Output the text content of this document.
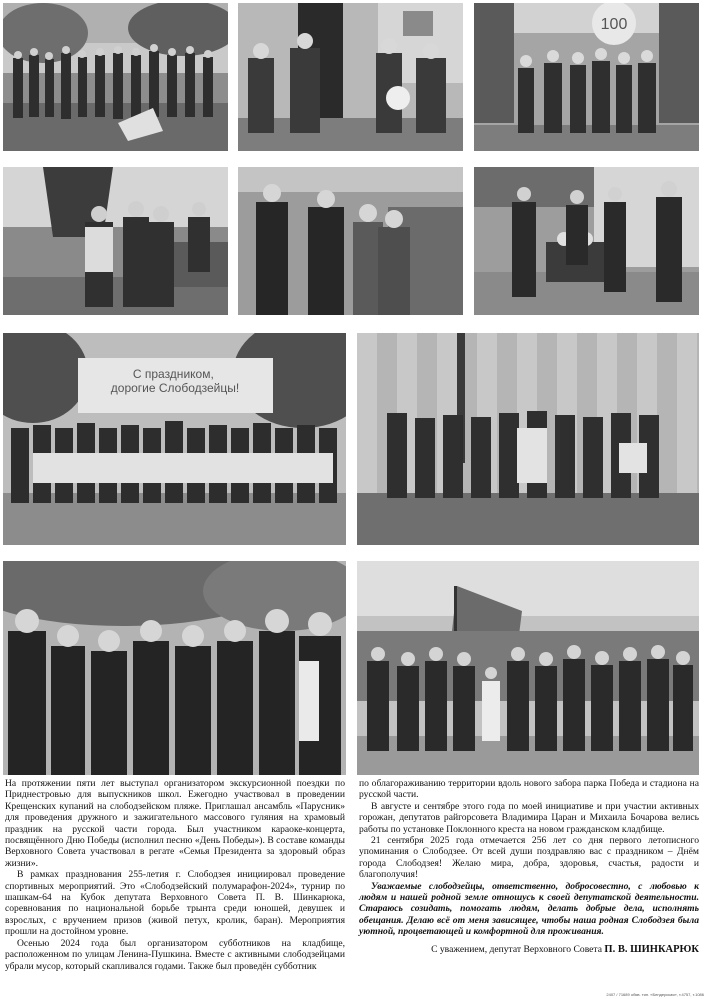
100
С праздником, дорогие Слободзейцы!

На протяжении пяти лет выступал организатором экскурсионной поездки по Приднестровью для выпускников школ. Ежегодно участвовал в проведении Крещенских купаний на слободзейском пляже. Приглашал ансамбль «Парусник» для проведения дружного и зажигательного массового гуляния на храмовый праздник на русской части города. Был участником караоке-концерта, посвящённого Дню Победы (исполнил песню «День Победы»). В составе команды Верховного Совета участвовал в регате «Семья Президента за здоровый образ жизни».

В рамках празднования 255-летия г. Слободзея инициировал проведение спортивных мероприятий. Это «Слободзейский полумарафон-2024», турнир по шашкам-64 на Кубок депутата Верховного Совета П. В. Шинкарюка, соревнования по национальной борьбе трынта среди юношей, девушек и взрослых, с вручением призов (живой петух, кролик, баран). Мероприятия прошли на достойном уровне.

Осенью 2024 года был организатором субботников на кладбище, расположенном по улицам Ленина-Пушкина. Вместе с активными слободзейцами убрали мусор, который скапливался годами. Также был проведён субботник

по облагораживанию территории вдоль нового забора парка Победа и стадиона на русской части.

В августе и сентябре этого года по моей инициативе и при участии активных горожан, депутатов райгорсовета Владимира Царан и Михаила Бочарова велись работы по установке Поклонного креста на новом гражданском кладбище.

21 сентября 2025 года отмечается 256 лет со дня первого летописного упоминания о Слободзее. От всей души поздравляю вас с праздником – Днём города Слободзея! Желаю мира, добра, здоровья, счастья, радости и благополучия!

Уважаемые слободзейцы, ответственно, добросовестно, с любовью к людям и нашей родной земле отношусь к своей депутатской деятельности. Стараюсь созидать, помогать людям, делать добрые дела, исполнять обещания. Делаю всё от меня зависящее, чтобы наша родная Слободзея была уютной, процветающей и комфортной для проживания.

С уважением, депутат Верховного Совета П. В. ШИНКАРЮК
2407 / 71689 обяв. тип. «Бендерская», т.4757, т.1086
